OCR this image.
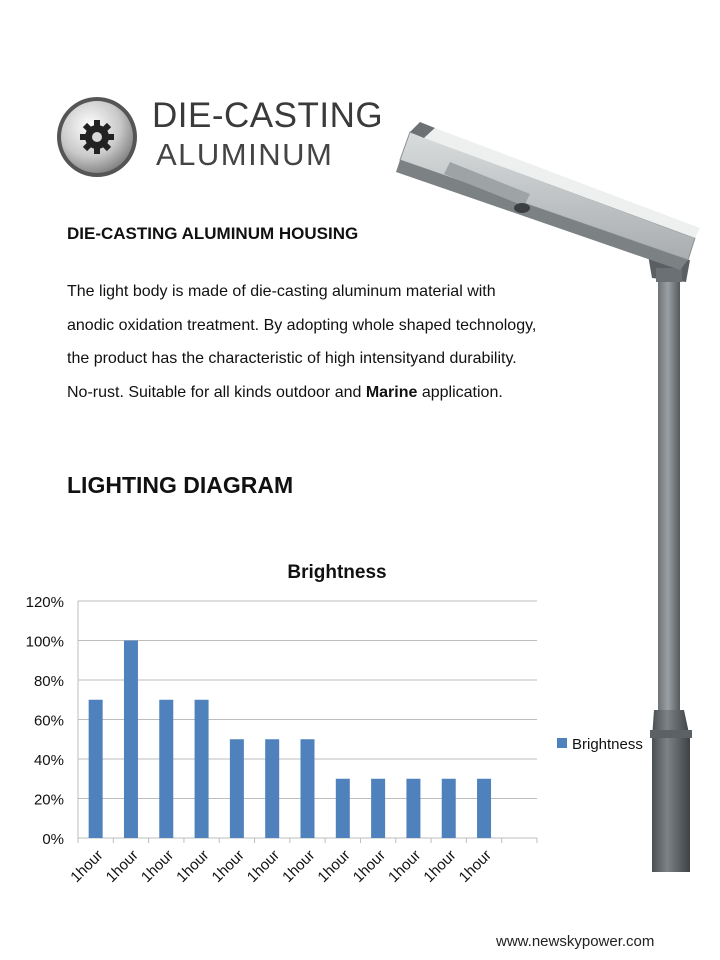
DIE-CASTING
ALUMINUM
DIE-CASTING ALUMINUM HOUSING
The light body is made of die-casting aluminum material with
anodic oxidation treatment. By adopting whole shaped technology,
the product has the characteristic of high intensityand durability.
No-rust. Suitable for all kinds outdoor and Marine application.
LIGHTING DIAGRAM
Brightness
0%
20%
40%
60%
80%
100%
120%
1hour
1hour
1hour
1hour
1hour
1hour
1hour
1hour
1hour
1hour
1hour
1hour
Brightness
www.newskypower.com
